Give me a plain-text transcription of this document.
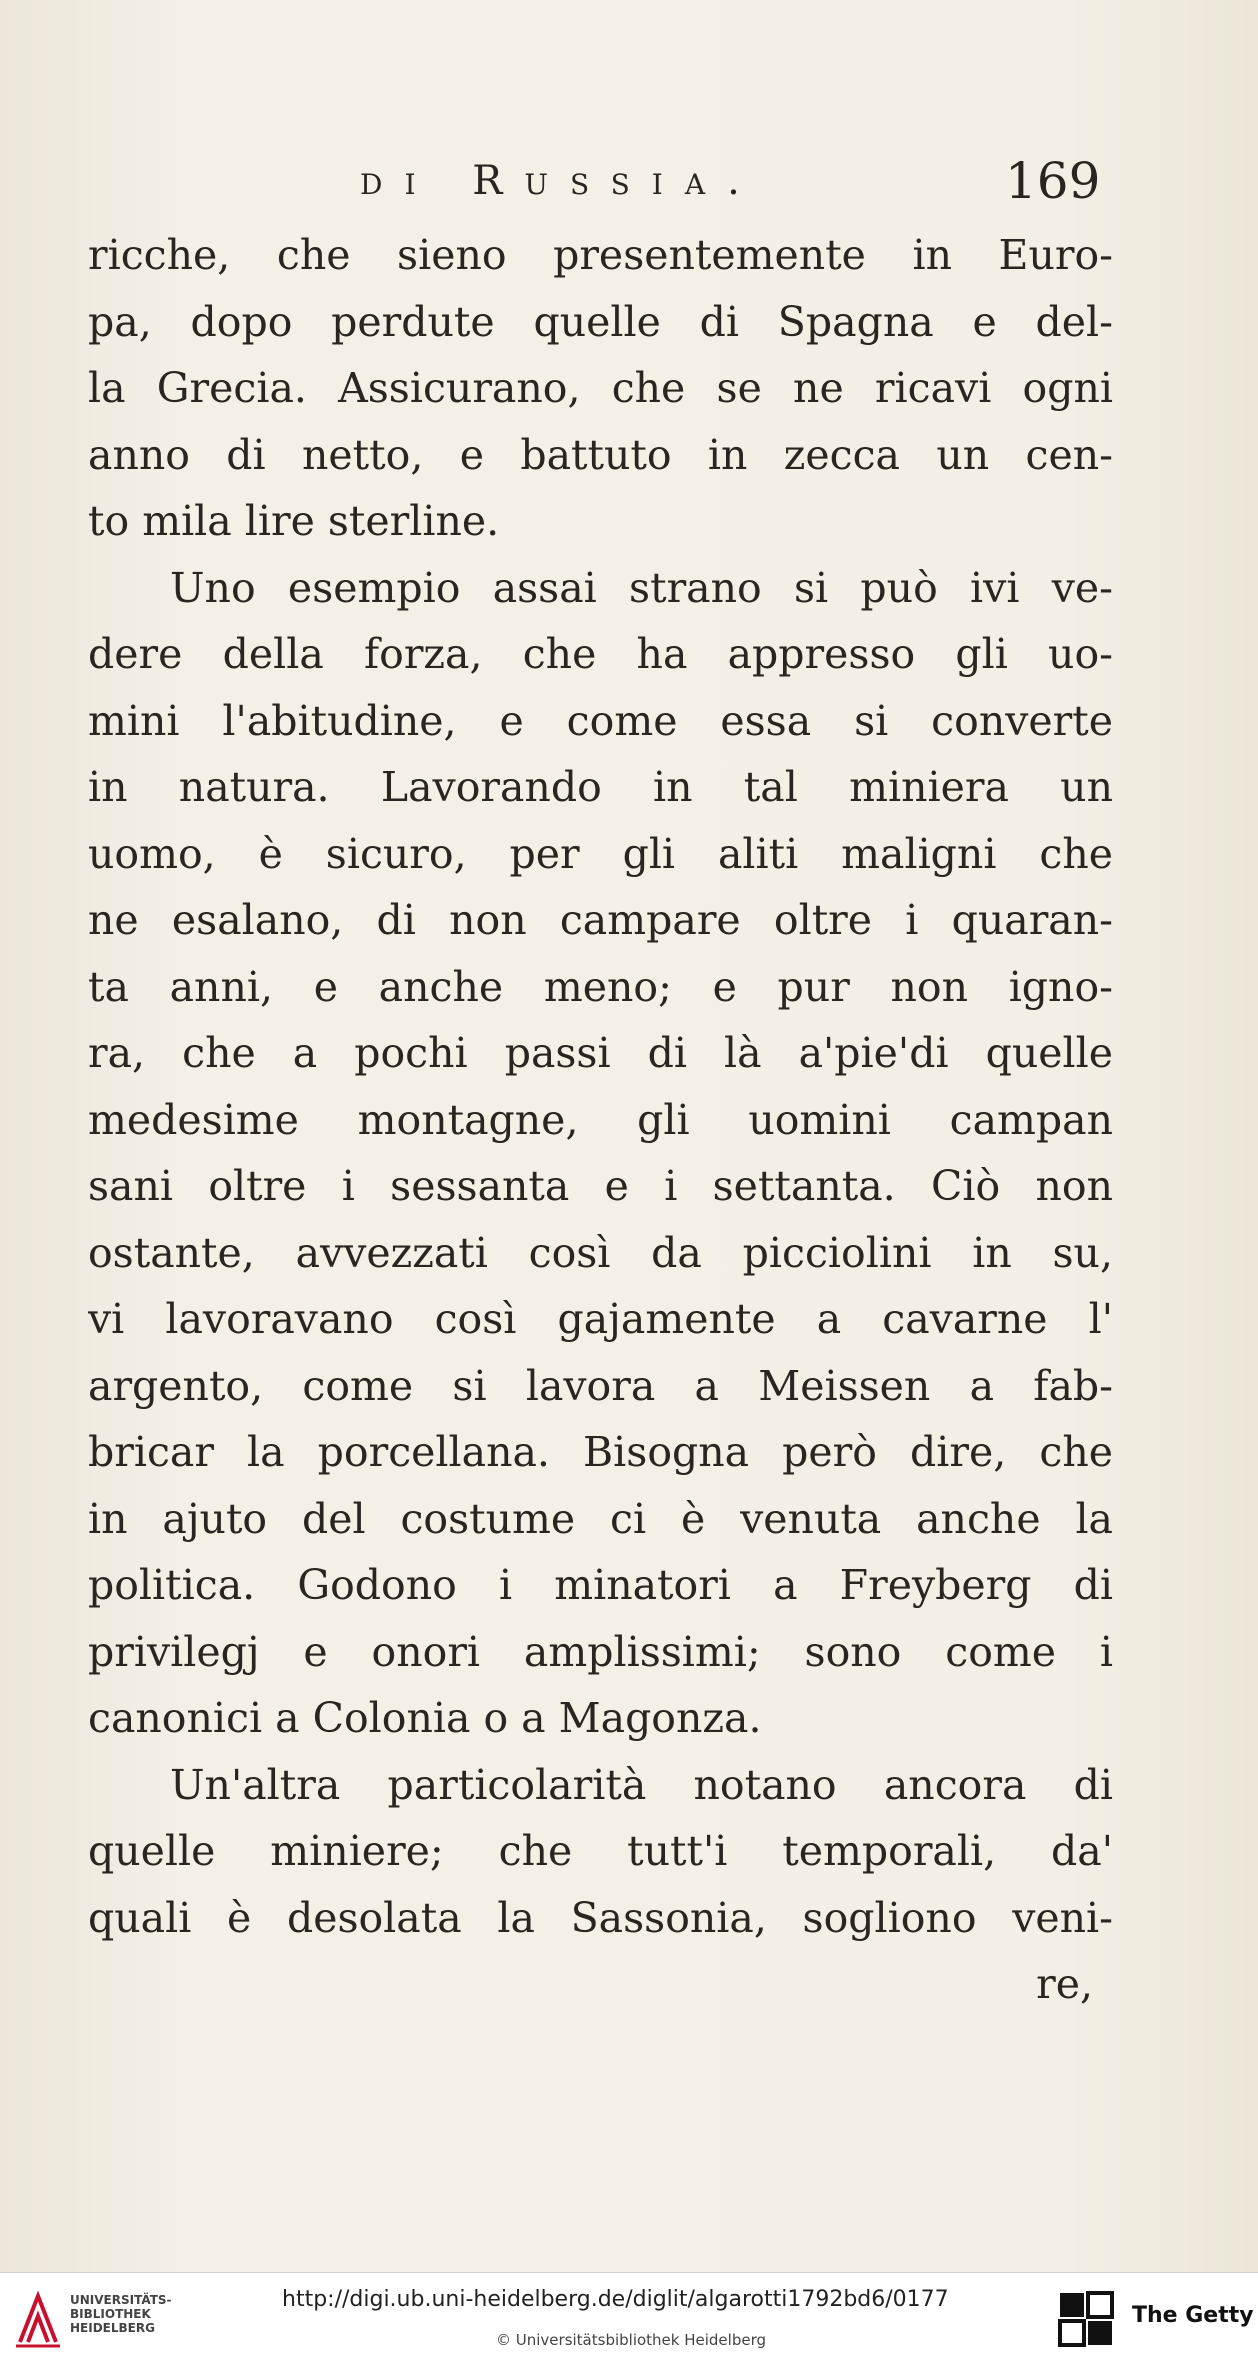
di Russia.	169
ricche, che sieno presentemente in Euro-
pa, dopo perdute quelle di Spagna e del-
la Grecia. Assicurano, che se ne ricavi ogni
anno di netto, e battuto in zecca un cen-
to mila lire sterline.
Uno esempio assai strano si può ivi ve-
dere della forza, che ha appresso gli uo-
mini l'abitudine, e come essa si converte
in natura. Lavorando in tal miniera un
uomo, è sicuro, per gli aliti maligni che
ne esalano, di non campare oltre i quaran-
ta anni, e anche meno; e pur non igno-
ra, che a pochi passi di là a'pie'di quelle
medesime montagne, gli uomini campan
sani oltre i sessanta e i settanta. Ciò non
ostante, avvezzati così da picciolini in su,
vi lavoravano così gajamente a cavarne l'
argento, come si lavora a Meissen a fab-
bricar la porcellana. Bisogna però dire, che
in ajuto del costume ci è venuta anche la
politica. Godono i minatori a Freyberg di
privilegj e onori amplissimi; sono come i
canonici a Colonia o a Magonza.
Un'altra particolarità notano ancora di
quelle miniere; che tutt'i temporali, da'
quali è desolata la Sassonia, sogliono veni-
re,
UNIVERSITÄTS-
BIBLIOTHEK
HEIDELBERG
http://digi.ub.uni-heidelberg.de/diglit/algarotti1792bd6/0177
© Universitätsbibliothek Heidelberg
The Getty
